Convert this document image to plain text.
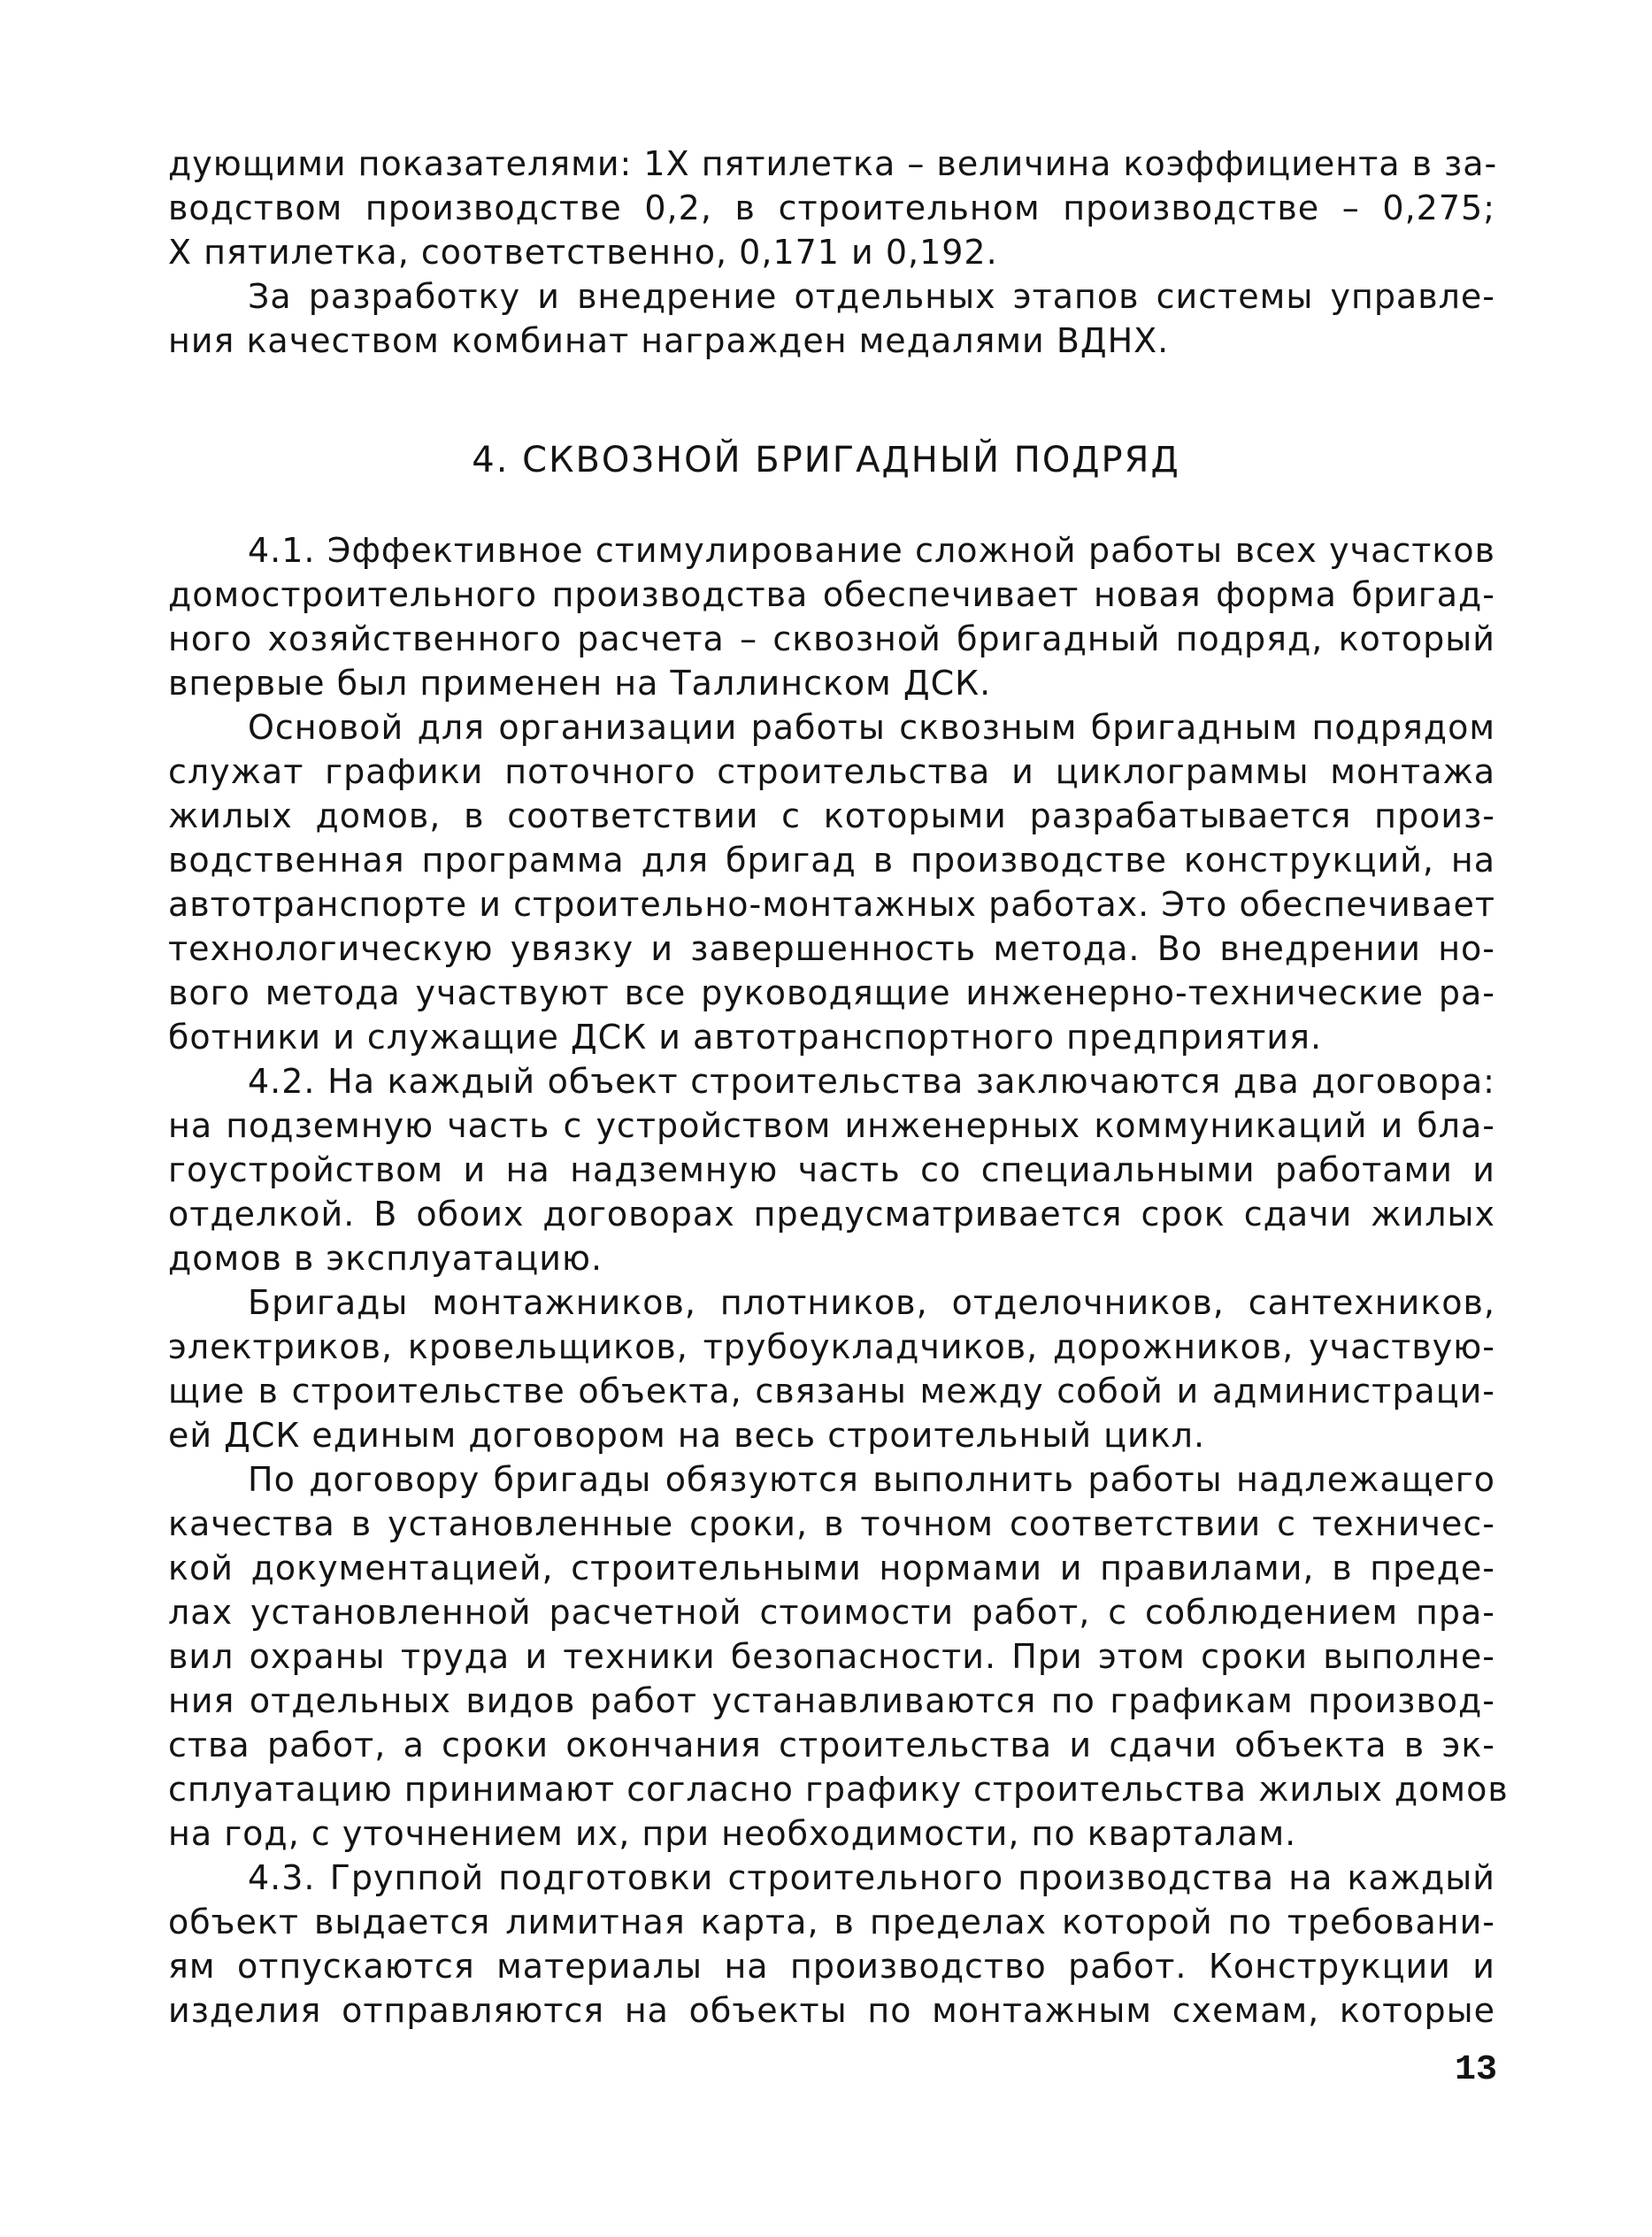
дующими показателями: 1Х пятилетка – величина коэффициента в за-
водством производстве 0,2, в строительном производстве – 0,275;
Х пятилетка, соответственно, 0,171 и 0,192.
За разработку и внедрение отдельных этапов системы управле-
ния качеством комбинат награжден медалями ВДНХ.
4. СКВОЗНОЙ БРИГАДНЫЙ ПОДРЯД
4.1. Эффективное стимулирование сложной работы всех участков
домостроительного производства обеспечивает новая форма бригад-
ного хозяйственного расчета – сквозной бригадный подряд, который
впервые был применен на Таллинском ДСК.
Основой для организации работы сквозным бригадным подрядом
служат графики поточного строительства и циклограммы монтажа
жилых домов, в соответствии с которыми разрабатывается произ-
водственная программа для бригад в производстве конструкций, на
автотранспорте и строительно-монтажных работах. Это обеспечивает
технологическую увязку и завершенность метода. Во внедрении но-
вого метода участвуют все руководящие инженерно-технические ра-
ботники и служащие ДСК и автотранспортного предприятия.
4.2. На каждый объект строительства заключаются два договора:
на подземную часть с устройством инженерных коммуникаций и бла-
гоустройством и на надземную часть со специальными работами и
отделкой. В обоих договорах предусматривается срок сдачи жилых
домов в эксплуатацию.
Бригады монтажников, плотников, отделочников, сантехников,
электриков, кровельщиков, трубоукладчиков, дорожников, участвую-
щие в строительстве объекта, связаны между собой и администраци-
ей ДСК единым договором на весь строительный цикл.
По договору бригады обязуются выполнить работы надлежащего
качества в установленные сроки, в точном соответствии с техничес-
кой документацией, строительными нормами и правилами, в преде-
лах установленной расчетной стоимости работ, с соблюдением пра-
вил охраны труда и техники безопасности. При этом сроки выполне-
ния отдельных видов работ устанавливаются по графикам производ-
ства работ, а сроки окончания строительства и сдачи объекта в эк-
сплуатацию принимают согласно графику строительства жилых домов
на год, с уточнением их, при необходимости, по кварталам.
4.3. Группой подготовки строительного производства на каждый
объект выдается лимитная карта, в пределах которой по требовани-
ям отпускаются материалы на производство работ. Конструкции и
изделия отправляются на объекты по монтажным схемам, которые
13
